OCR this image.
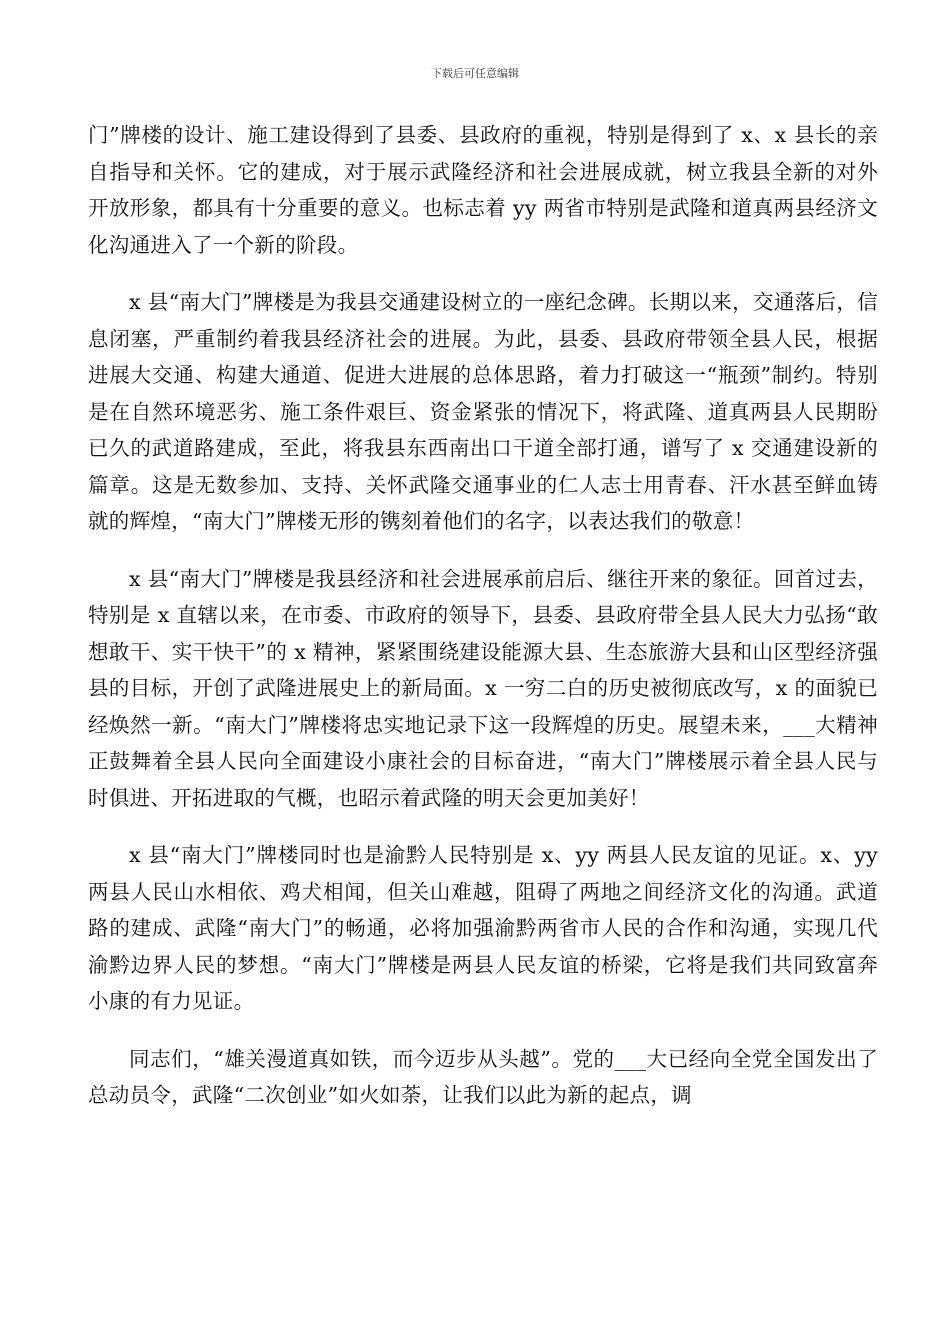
下载后可任意编辑

门”牌楼的设计、施工建设得到了县委、县政府的重视，特别是得到了 x、x 县长的亲自指导和关怀。它的建成，对于展示武隆经济和社会进展成就，树立我县全新的对外开放形象，都具有十分重要的意义。也标志着 yy 两省市特别是武隆和道真两县经济文化沟通进入了一个新的阶段。

x 县“南大门”牌楼是为我县交通建设树立的一座纪念碑。长期以来，交通落后，信息闭塞，严重制约着我县经济社会的进展。为此，县委、县政府带领全县人民，根据进展大交通、构建大通道、促进大进展的总体思路，着力打破这一“瓶颈”制约。特别是在自然环境恶劣、施工条件艰巨、资金紧张的情况下，将武隆、道真两县人民期盼已久的武道路建成，至此，将我县东西南出口干道全部打通，谱写了 x 交通建设新的篇章。这是无数参加、支持、关怀武隆交通事业的仁人志士用青春、汗水甚至鲜血铸就的辉煌，“南大门”牌楼无形的镌刻着他们的名字，以表达我们的敬意！

x 县“南大门”牌楼是我县经济和社会进展承前启后、继往开来的象征。回首过去，特别是 x 直辖以来，在市委、市政府的领导下，县委、县政府带全县人民大力弘扬“敢想敢干、实干快干”的 x 精神，紧紧围绕建设能源大县、生态旅游大县和山区型经济强县的目标，开创了武隆进展史上的新局面。x 一穷二白的历史被彻底改写，x 的面貌已经焕然一新。“南大门”牌楼将忠实地记录下这一段辉煌的历史。展望未来，___大精神正鼓舞着全县人民向全面建设小康社会的目标奋进，“南大门”牌楼展示着全县人民与时俱进、开拓进取的气概，也昭示着武隆的明天会更加美好！

x 县“南大门”牌楼同时也是渝黔人民特别是 x、yy 两县人民友谊的见证。x、yy 两县人民山水相依、鸡犬相闻，但关山难越，阻碍了两地之间经济文化的沟通。武道路的建成、武隆“南大门”的畅通，必将加强渝黔两省市人民的合作和沟通，实现几代渝黔边界人民的梦想。“南大门”牌楼是两县人民友谊的桥梁，它将是我们共同致富奔小康的有力见证。

同志们，“雄关漫道真如铁，而今迈步从头越”。党的___大已经向全党全国发出了总动员令，武隆“二次创业”如火如荼，让我们以此为新的起点，调
